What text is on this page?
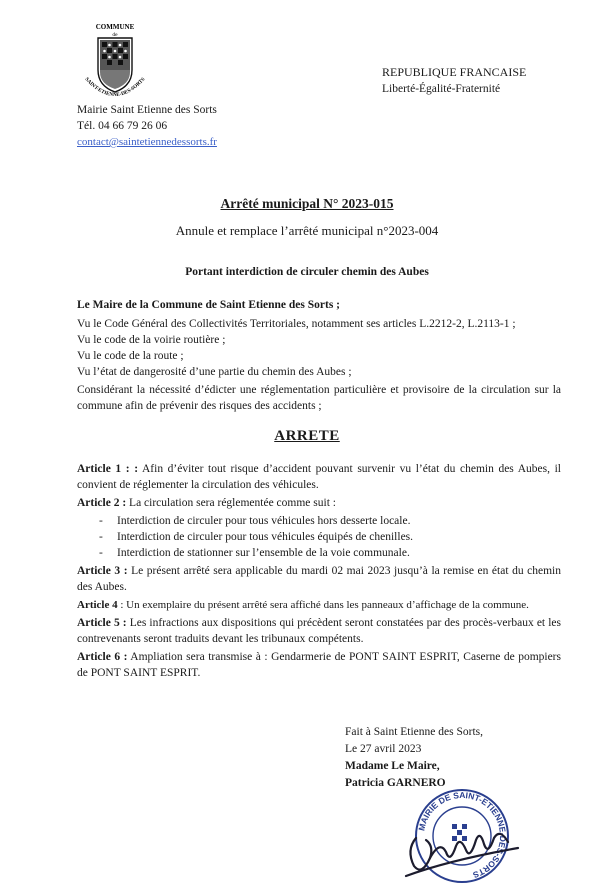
COMMUNE
de
SAINT-ETIENNE-DES-SORTS
Mairie Saint Etienne des Sorts
Tél. 04 66 79 26 06
contact@saintetiennedessorts.fr
REPUBLIQUE FRANCAISE
Liberté-Égalité-Fraternité
Arrêté municipal N° 2023-015
Annule et remplace l’arrêté municipal n°2023-004
Portant interdiction de circuler chemin des Aubes
Le Maire de la Commune de Saint Etienne des Sorts ;
Vu le Code Général des Collectivités Territoriales, notamment ses articles L.2212-2, L.2113-1 ;
Vu le code de la voirie routière ;
Vu le code de la route ;
Vu l’état de dangerosité d’une partie du chemin des Aubes ;
Considérant la nécessité d’édicter une réglementation particulière et provisoire de la circulation sur la commune afin de prévenir des risques des accidents ;
ARRETE

Article 1 : : Afin d’éviter tout risque d’accident pouvant survenir vu l’état du chemin des Aubes, il convient de réglementer la circulation des véhicules.

Article 2 : La circulation sera réglementée comme suit :

- Interdiction de circuler pour tous véhicules hors desserte locale.
- Interdiction de circuler pour tous véhicules équipés de chenilles.
- Interdiction de stationner sur l’ensemble de la voie communale.

Article 3 : Le présent arrêté sera applicable du mardi 02 mai 2023 jusqu’à la remise en état du chemin des Aubes.

Article 4 : Un exemplaire du présent arrêté sera affiché dans les panneaux d’affichage de la commune.

Article 5 : Les infractions aux dispositions qui précèdent seront constatées par des procès-verbaux et les contrevenants seront traduits devant les tribunaux compétents.

Article 6 : Ampliation sera transmise à : Gendarmerie de PONT SAINT ESPRIT, Caserne de pompiers de PONT SAINT ESPRIT.

Fait à Saint Etienne des Sorts,
Le 27 avril 2023
Madame Le Maire,
Patricia GARNERO
MAIRIE DE SAINT-ETIENNE-DES-SORTS
